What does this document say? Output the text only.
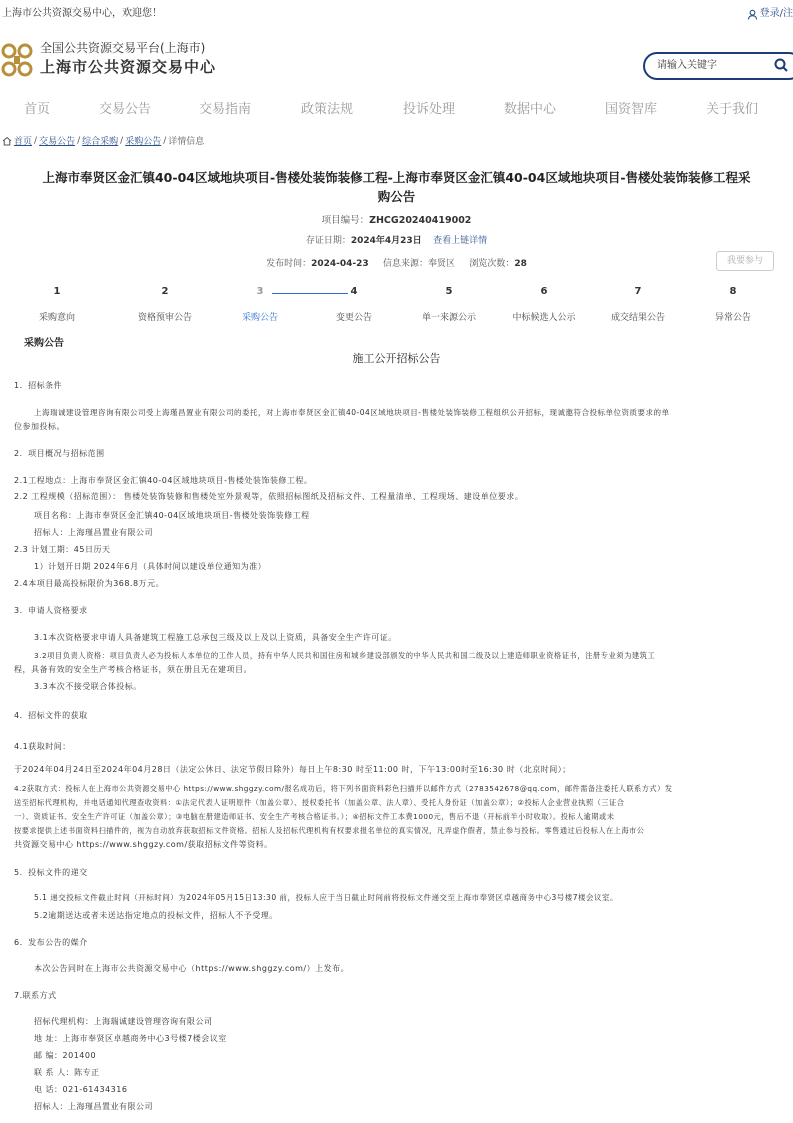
上海市公共资源交易中心，欢迎您！	登录/注
全国公共资源交易平台(上海市)
上海市公共资源交易中心	请输入关键字
首页	交易公告	交易指南	政策法规	投诉处理	数据中心	国资智库	关于我们
首页 / 交易公告 / 综合采购 / 采购公告 / 详情信息
上海市奉贤区金汇镇40-04区域地块项目-售楼处装饰装修工程-上海市奉贤区金汇镇40-04区域地块项目-售楼处装饰装修工程采购公告
项目编号：ZHCG20240419002
存证日期：2024年4月23日 查看上链详情
发布时间：2024-04-23 信息来源：奉贤区 浏览次数：28	我要参与
1
采购意向
2
资格预审公告
3
采购公告
4
变更公告
5
单一来源公示
6
中标候选人公示
7
成交结果公告
8
异常公告
采购公告
施工公开招标公告
1．招标条件
上海瑞诚建设管理咨询有限公司受上海瑾昌置业有限公司的委托，对上海市奉贤区金汇镇40-04区域地块项目-售楼处装饰装修工程组织公开招标，现诚邀符合投标单位资质要求的单
位参加投标。
2．项目概况与招标范围
2.1工程地点：上海市奉贤区金汇镇40-04区域地块项目-售楼处装饰装修工程。
2.2 工程规模（招标范围）： 售楼处装饰装修和售楼处室外景观等，依照招标图纸及招标文件、工程量清单、工程现场、建设单位要求。
项目名称：上海市奉贤区金汇镇40-04区域地块项目-售楼处装饰装修工程
招标人：上海瑾昌置业有限公司
2.3 计划工期：45日历天
1）计划开日期 2024年6月（具体时间以建设单位通知为准）
2.4本项目最高投标限价为368.8万元。
3．申请人资格要求
3.1本次资格要求申请人具备建筑工程施工总承包三级及以上及以上资质，具备安全生产许可证。
3.2项目负责人资格：项目负责人必为投标人本单位的工作人员，持有中华人民共和国住房和城乡建设部颁发的中华人民共和国二级及以上建造师职业资格证书，注册专业须为建筑工
程，具备有效的安全生产考核合格证书，须在册且无在建项目。
3.3本次不接受联合体投标。
4．招标文件的获取
4.1获取时间：
于2024年04月24日至2024年04月28日（法定公休日、法定节假日除外）每日上午8:30 时至11:00 时，下午13:00时至16:30 时（北京时间）；
4.2获取方式：投标人在上海市公共资源交易中心 https://www.shggzy.com/报名成功后，将下列书面资料彩色扫描并以邮件方式（2783542678@qq.com，邮件需备注委托人联系方式）发
送至招标代理机构，并电话通知代理查收资料：①法定代表人证明原件（加盖公章）、授权委托书（加盖公章、法人章）、受托人身份证（加盖公章）；②投标人企业营业执照（三证合
一）、资质证书、安全生产许可证（加盖公章）；③电脑在册建造师证书、安全生产考核合格证书。）；④招标文件工本费1000元，售后不退（开标前半小时收取）。投标人逾期或未
按要求提供上述书面资料扫描件的，视为自动放弃获取招标文件资格。招标人及招标代理机构有权要求报名单位的真实情况，凡弄虚作假者，禁止参与投标。零售通过后投标人在上海市公
共资源交易中心 https://www.shggzy.com/获取招标文件等资料。
5．投标文件的递交
5.1 递交投标文件截止时间（开标时间）为2024年05月15日13:30 前，投标人应于当日截止时间前将投标文件递交至上海市奉贤区卓越商务中心3号楼7楼会议室。
5.2逾期送达或者未送达指定地点的投标文件，招标人不予受理。
6．发布公告的媒介
本次公告同时在上海市公共资源交易中心（https://www.shggzy.com/）上发布。
7.联系方式
招标代理机构：上海瑞诚建设管理咨询有限公司
地 址：上海市奉贤区卓越商务中心3号楼7楼会议室
邮 编：201400
联 系 人：陈专正
电 话：021-61434316
招标人：上海瑾昌置业有限公司
